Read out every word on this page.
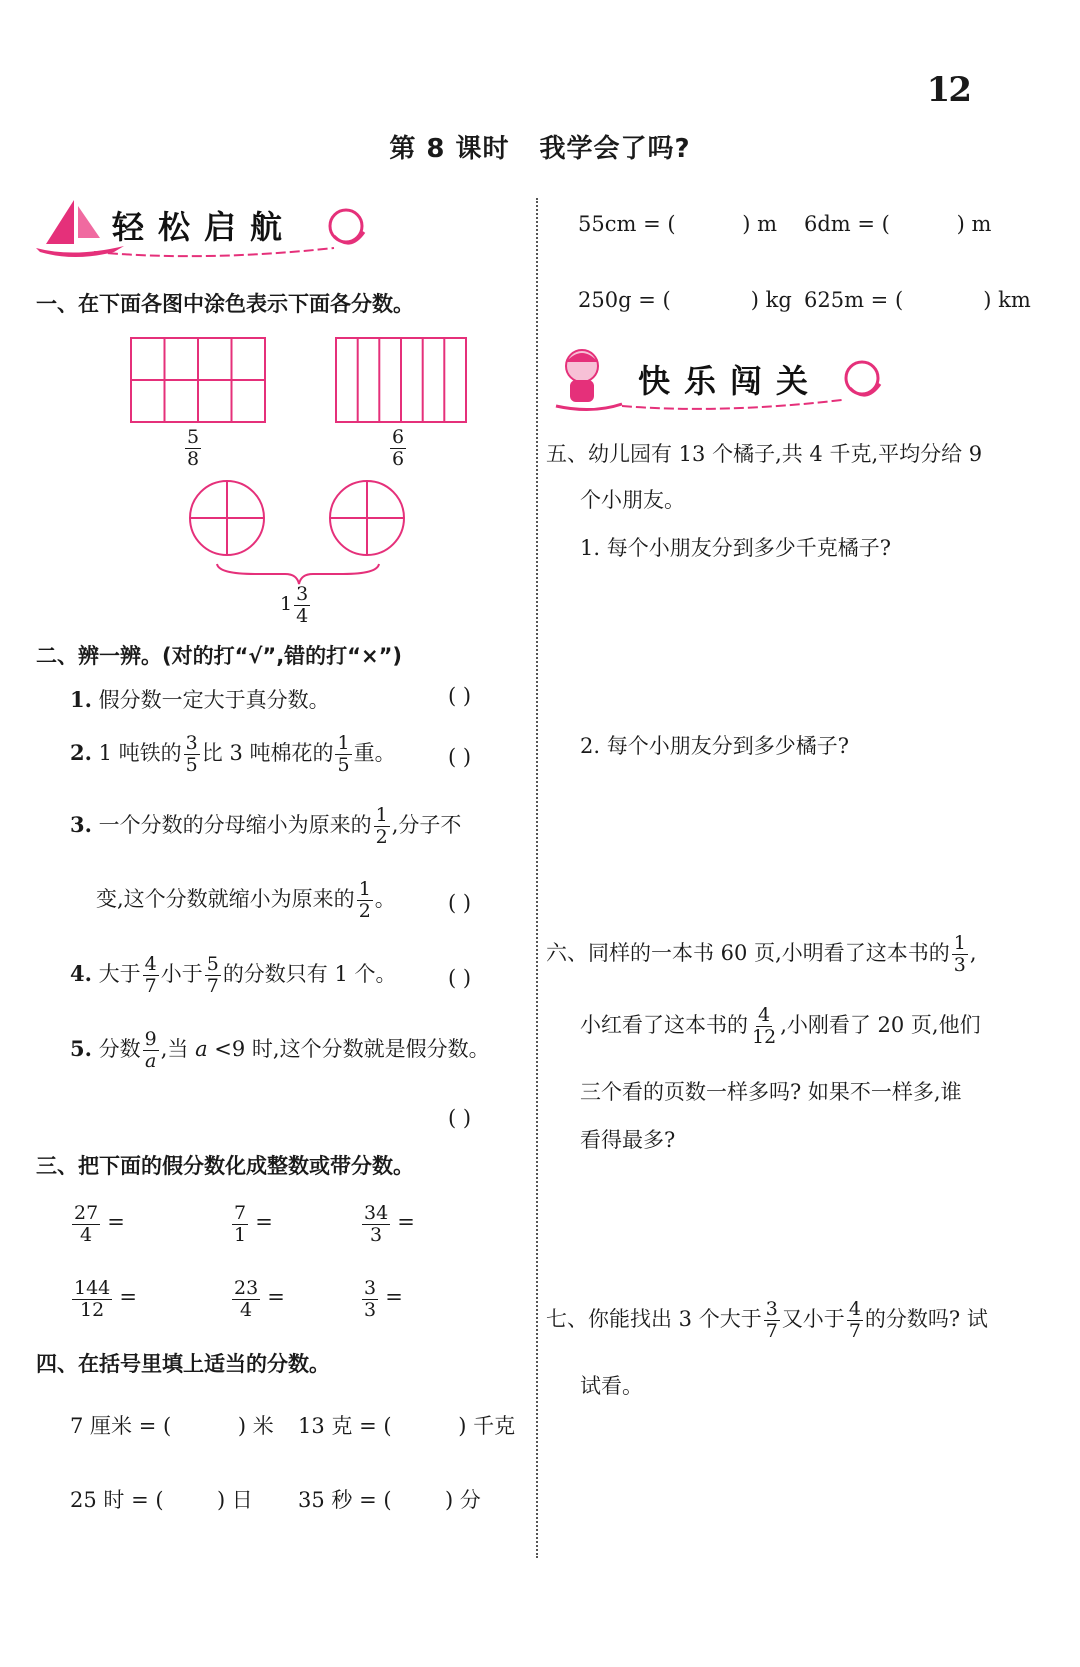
12
第 8 课时 我学会了吗?
轻松启航
快乐闯关
一、在下面各图中涂色表示下面各分数。
$\frac{5}{8}$	$\frac{6}{6}$
$1 \frac{3}{4}$
二、辨一辨。(对的打“√”,错的打“×”)
1. 假分数一定大于真分数。	( )
2. 1 吨铁的 $\frac{3}{5}$ 比 3 吨棉花的 $\frac{1}{5}$ 重。 ( )
3. 一个分数的分母缩小为原来的 $\frac{1}{2}$ ,分子不
变,这个分数就缩小为原来的 $\frac{1}{2}$ 。 ( )
4. 大于 $\frac{4}{7}$ 小于 $\frac{5}{7}$ 的分数只有 1 个。 ( )
5. 分数 $\frac{9}{a}$ ,当 a <9 时,这个分数就是假分数。
( )
三、把下面的假分数化成整数或带分数。
$\frac{27}{4}$ =	$\frac{7}{1}$ =	$\frac{34}{3}$ =
$\frac{144}{12}$ =	$\frac{23}{4}$ =	$\frac{3}{3}$ =
四、在括号里填上适当的分数。
7 厘米 = (          ) 米 13 克 = (          ) 千克
25 时 = (        ) 日 35 秒 = (        ) 分
55cm = (          ) m 6dm = (          ) m
250g = (            ) kg 625m = (            ) km
五、幼儿园有 13 个橘子,共 4 千克,平均分给 9
个小朋友。
1. 每个小朋友分到多少千克橘子?
2. 每个小朋友分到多少橘子?
六、同样的一本书 60 页,小明看了这本书的 $\frac{1}{3}$ ,
小红看了这本书的 $\frac{4}{12}$ ,小刚看了 20 页,他们
三个看的页数一样多吗? 如果不一样多,谁
看得最多?
七、你能找出 3 个大于 $\frac{3}{7}$ 又小于 $\frac{4}{7}$ 的分数吗? 试
试看。
